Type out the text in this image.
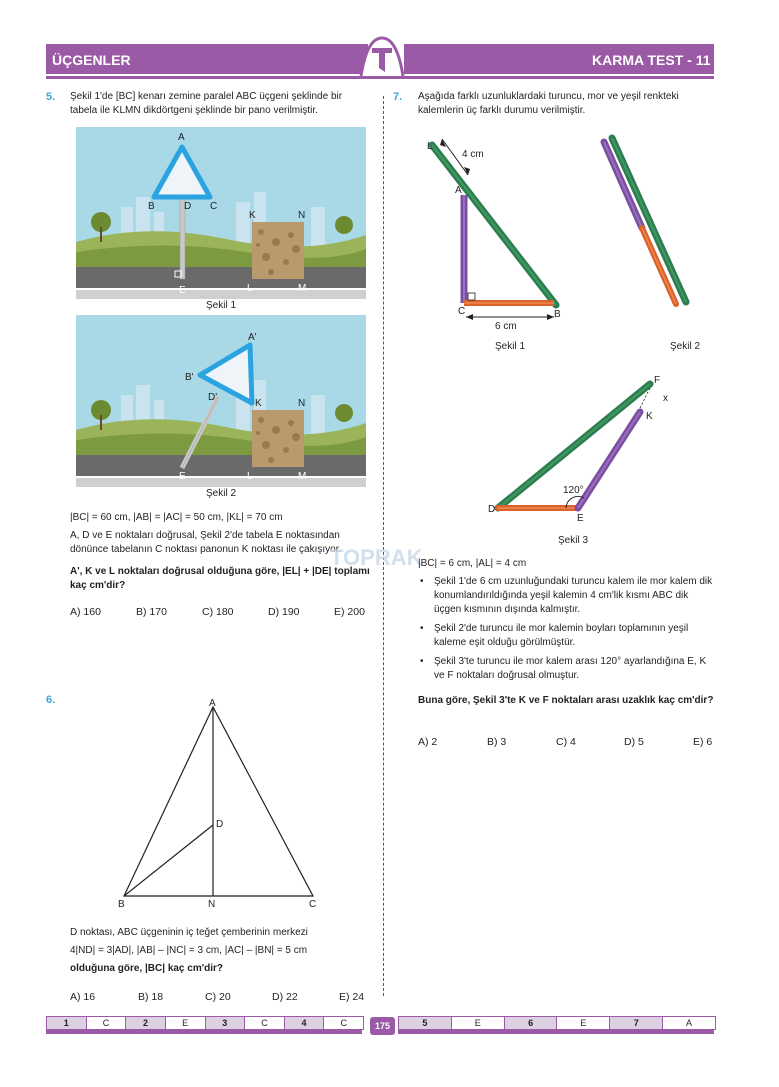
ÜÇGENLER	KARMA TEST - 11
5. Şekil 1'de [BC] kenarı zemine paralel ABC üçgeni şeklinde bir tabela ile KLMN dikdörtgeni şeklinde bir pano verilmiştir.
A
B	D C
K	N
E	L	M
Şekil 1
A'
B'
D'
K	N
E	L	M
Şekil 2
|BC| = 60 cm, |AB| = |AC| = 50 cm, |KL| = 70 cm
A, D ve E noktaları doğrusal, Şekil 2'de tabela E noktasından dönünce tabelanın C noktası panonun K noktası ile çakışıyor.
A', K ve L noktaları doğrusal olduğuna göre, |EL| + |DE| toplamı kaç cm'dir?
A) 160	B) 170	C) 180	D) 190	E) 200
TOPRAK
6.	A
B	N	C
D
D noktası, ABC üçgeninin iç teğet çemberinin merkezi
4|ND| = 3|AD|, |AB| – |NC| = 3 cm, |AC| – |BN| = 5 cm
olduğuna göre, |BC| kaç cm'dir?
A) 16	B) 18	C) 20	D) 22	E) 24
7. Aşağıda farklı uzunluklardaki turuncu, mor ve yeşil renkteki kalemlerin üç farklı durumu verilmiştir.
L
4 cm
A
C	B
6 cm
Şekil 1	Şekil 2
F
x
K
120°
D
E
Şekil 3
|BC| = 6 cm, |AL| = 4 cm
• Şekil 1'de 6 cm uzunluğundaki turuncu kalem ile mor kalem dik konumlandırıldığında yeşil kalemin 4 cm'lik kısmı ABC dik üçgen kısmının dışında kalmıştır.
• Şekil 2'de turuncu ile mor kalemin boyları toplamının yeşil kaleme eşit olduğu görülmüştür.
• Şekil 3'te turuncu ile mor kalem arası 120° ayarlandığına E, K ve F noktaları doğrusal olmuştur.
Buna göre, Şekil 3'te K ve F noktaları arası uzaklık kaç cm'dir?
A) 2	B) 3	C) 4	D) 5	E) 6
1	C	2	E	3	C	4	C	175	5	E	6	E	7	A
